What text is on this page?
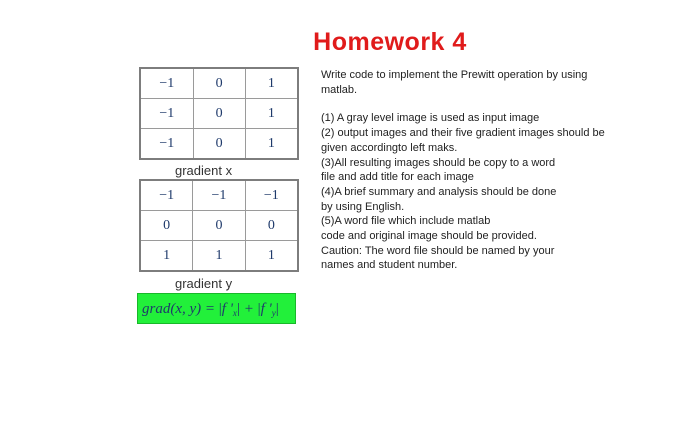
Homework 4
−1	0	1
−1	0	1
−1	0	1
gradient x
−1	−1	−1
0	0	0
1	1	1
gradient y
grad(x, y) = |f '$_x| + |f$ '$_y|$

Write code to implement the Prewitt operation by using

matlab.

(1) A gray level image is used as input image

(2) output images and their five gradient images should be

given accordingto left maks.

(3)All resulting images should be copy to a word

file and add title for each image

(4)A brief summary and analysis should be done

by using English.

(5)A word file which include matlab

code and original image should be provided.

Caution: The word file should be named by your

names and student number.
